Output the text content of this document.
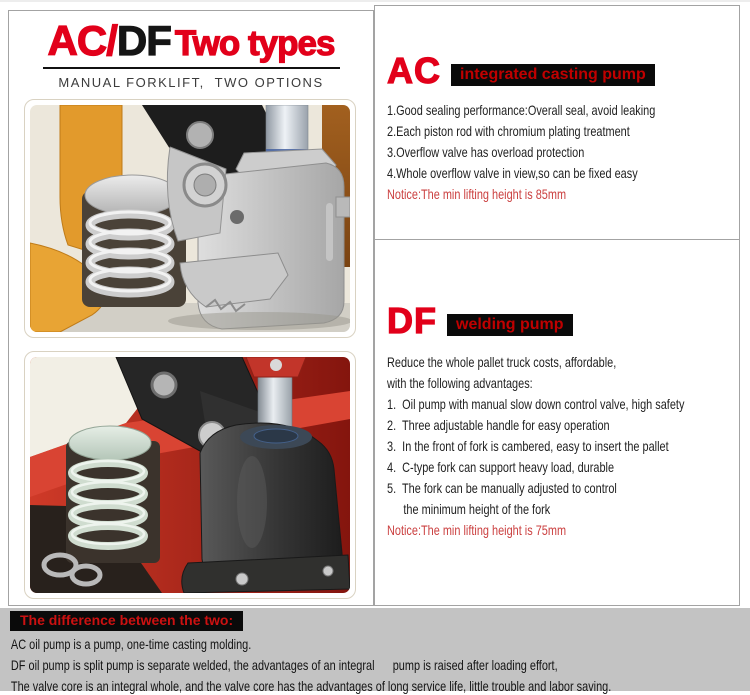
AC/DF Two types
MANUAL FORKLIFT,  TWO OPTIONS	AC	integrated casting pump
1.Good sealing performance:Overall seal, avoid leaking
2.Each piston rod with chromium plating treatment
3.Overflow valve has overload protection
4.Whole overflow valve in view,so can be fixed easy
Notice:The min lifting height is 85mm
DF	welding pump
Reduce the whole pallet truck costs, affordable,
with the following advantages:
1.  Oil pump with manual slow down control valve, high safety
2.  Three adjustable handle for easy operation
3.  In the front of fork is cambered, easy to insert the pallet
4.  C-type fork can support heavy load, durable
5.  The fork can be manually adjusted to control
the minimum height of the fork
Notice:The min lifting height is 75mm
The difference between the two:
AC oil pump is a pump, one-time casting molding.
DF oil pump is split pump is separate welded, the advantages of an integral      pump is raised after loading effort,
The valve core is an integral whole, and the valve core has the advantages of long service life, little trouble and labor saving.
